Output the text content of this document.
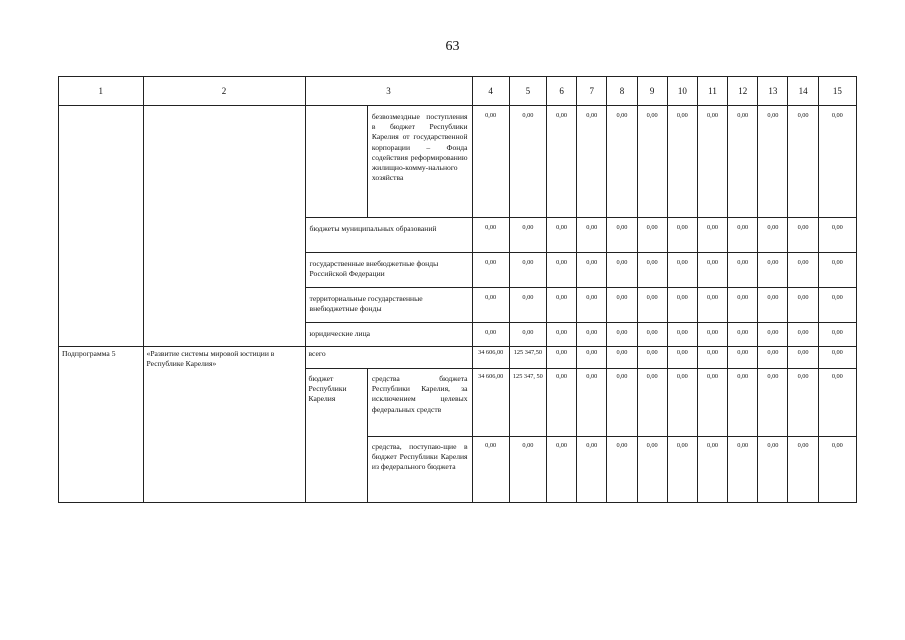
63
1	2	3		4	5	6	7	8	9	10	11	12	13	14	15

			безвозмездные поступления в бюджет Республики Карелия от государственной корпорации – Фонда содействия реформированию жилищно-комму-нального хозяйства	0,00	0,00	0,00	0,00	0,00	0,00	0,00	0,00	0,00	0,00	0,00	0,00

		бюджеты муниципальных образований		0,00	0,00	0,00	0,00	0,00	0,00	0,00	0,00	0,00	0,00	0,00	0,00

		государственные внебюджетные фонды Российской Федерации		0,00	0,00	0,00	0,00	0,00	0,00	0,00	0,00	0,00	0,00	0,00	0,00

		территориальные государственные внебюджетные фонды		0,00	0,00	0,00	0,00	0,00	0,00	0,00	0,00	0,00	0,00	0,00	0,00

		юридические лица		0,00	0,00	0,00	0,00	0,00	0,00	0,00	0,00	0,00	0,00	0,00	0,00

Подпрограмма 5	«Развитие системы мировой юстиции в Республике Карелия»	всего		34 606,00	125 347,50	0,00	0,00	0,00	0,00	0,00	0,00	0,00	0,00	0,00	0,00

		бюджет Республики Карелия	средства бюджета Республики Карелия, за исключением целевых федеральных средств	34 606,00	125 347, 50	0,00	0,00	0,00	0,00	0,00	0,00	0,00	0,00	0,00	0,00

			средства, поступаю-щие в бюджет Республики Карелия из федерального бюджета	0,00	0,00	0,00	0,00	0,00	0,00	0,00	0,00	0,00	0,00	0,00	0,00
